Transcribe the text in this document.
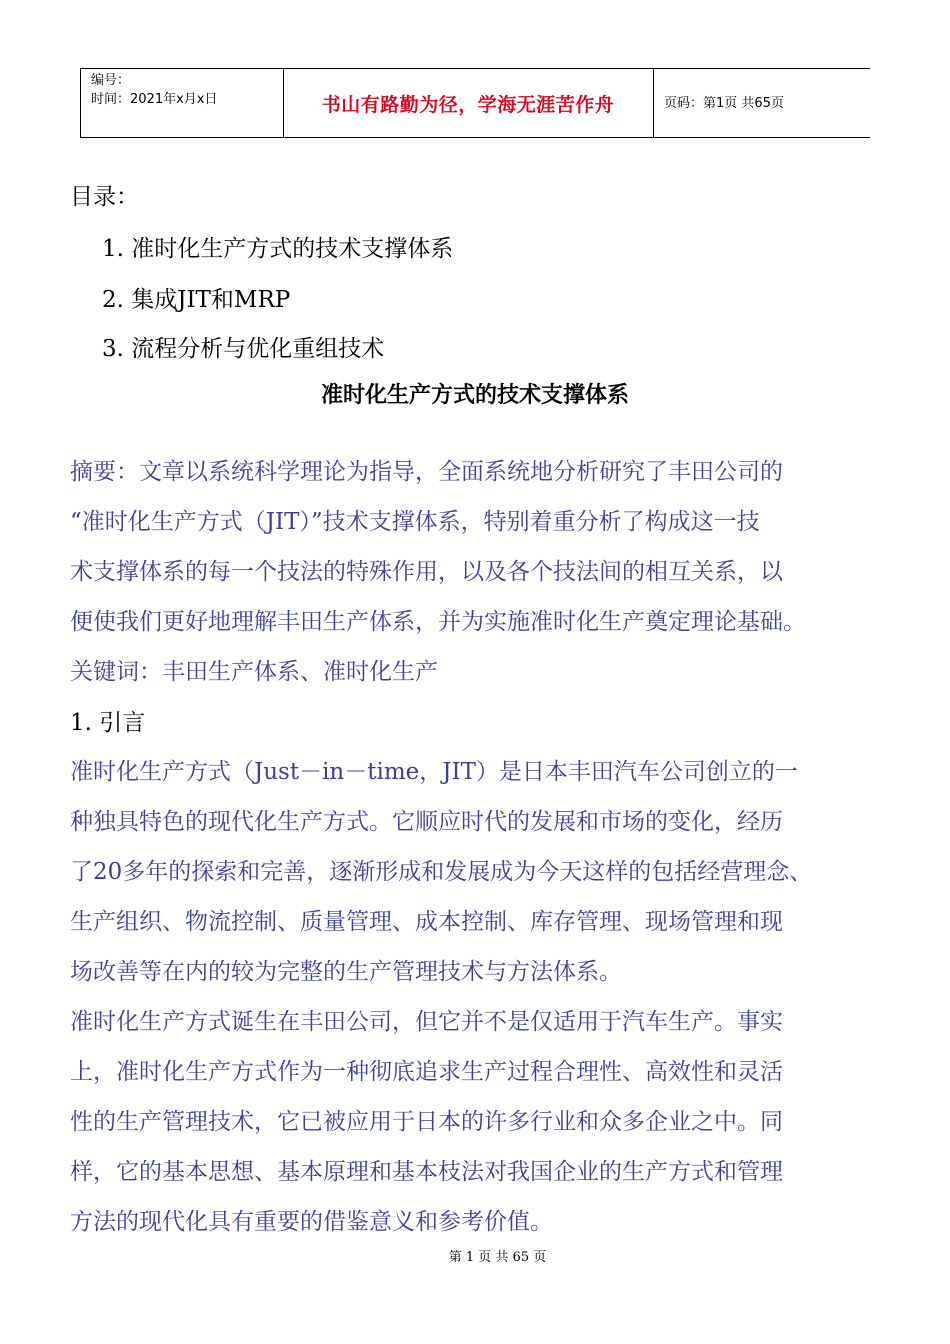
编号：
时间：2021年x月x日	书山有路勤为径，学海无涯苦作舟	页码：第1页 共65页
目录：
1. 准时化生产方式的技术支撑体系
2. 集成JIT和MRP
3. 流程分析与优化重组技术
准时化生产方式的技术支撑体系
摘要：文章以系统科学理论为指导，全面系统地分析研究了丰田公司的
“准时化生产方式（JIT）”技术支撑体系，特别着重分析了构成这一技
术支撑体系的每一个技法的特殊作用，以及各个技法间的相互关系，以
便使我们更好地理解丰田生产体系，并为实施准时化生产奠定理论基础。
关键词：丰田生产体系、准时化生产
1. 引言
准时化生产方式（Just－in－time，JIT）是日本丰田汽车公司创立的一
种独具特色的现代化生产方式。它顺应时代的发展和市场的变化，经历
了20多年的探索和完善，逐渐形成和发展成为今天这样的包括经营理念、
生产组织、物流控制、质量管理、成本控制、库存管理、现场管理和现
场改善等在内的较为完整的生产管理技术与方法体系。
准时化生产方式诞生在丰田公司，但它并不是仅适用于汽车生产。事实
上，准时化生产方式作为一种彻底追求生产过程合理性、高效性和灵活
性的生产管理技术，它已被应用于日本的许多行业和众多企业之中。同
样，它的基本思想、基本原理和基本枝法对我国企业的生产方式和管理
方法的现代化具有重要的借鉴意义和参考价值。
第 1 页 共 65 页
